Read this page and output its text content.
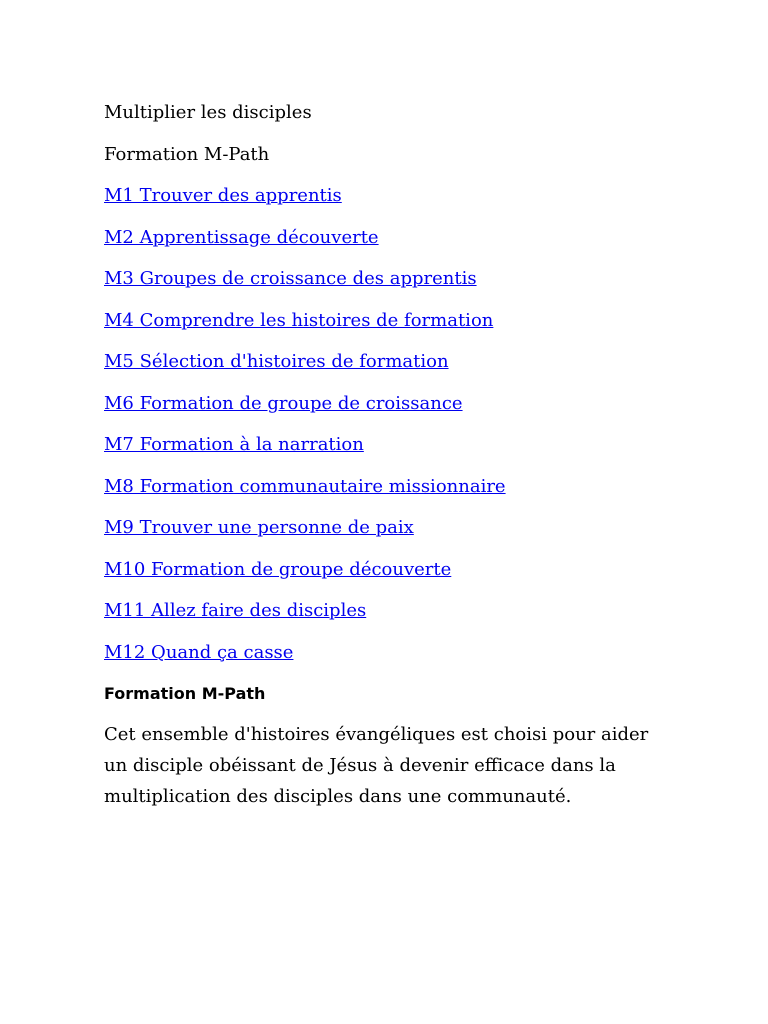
Multiplier les disciples

Formation M-Path

M1 Trouver des apprentis
M2 Apprentissage découverte
M3 Groupes de croissance des apprentis
M4 Comprendre les histoires de formation
M5 Sélection d'histoires de formation
M6 Formation de groupe de croissance
M7 Formation à la narration
M8 Formation communautaire missionnaire
M9 Trouver une personne de paix
M10 Formation de groupe découverte
M11 Allez faire des disciples
M12 Quand ça casse

Formation M-Path

Cet ensemble d'histoires évangéliques est choisi pour aider un disciple obéissant de Jésus à devenir efficace dans la multiplication des disciples dans une communauté.
